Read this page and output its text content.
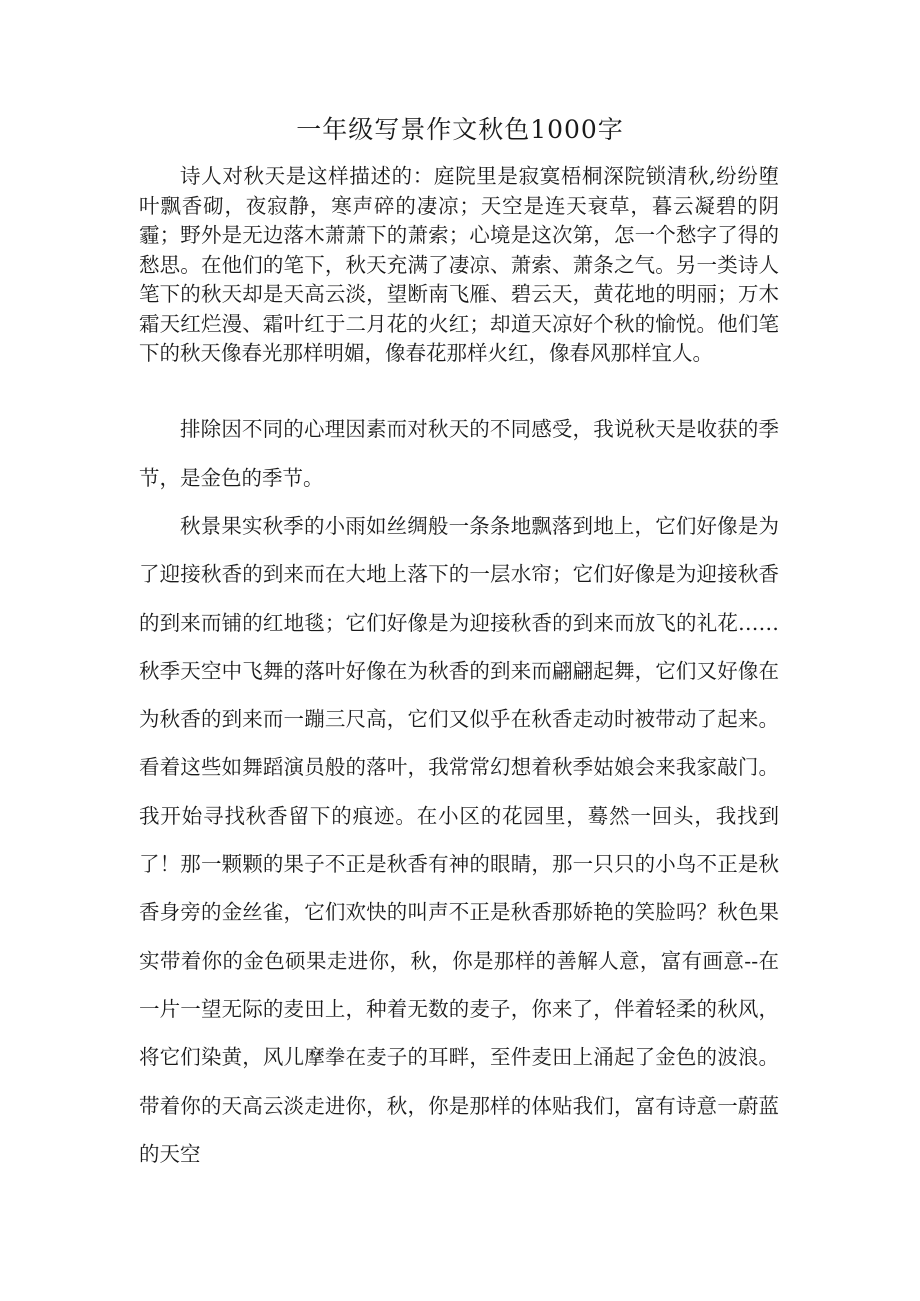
一年级写景作文秋色1000字

诗人对秋天是这样描述的：庭院里是寂寞梧桐深院锁清秋,纷纷堕叶飘香砌，夜寂静，寒声碎的凄凉；天空是连天衰草，暮云凝碧的阴霾；野外是无边落木萧萧下的萧索；心境是这次第，怎一个愁字了得的愁思。在他们的笔下，秋天充满了凄凉、萧索、萧条之气。另一类诗人笔下的秋天却是天高云淡，望断南飞雁、碧云天，黄花地的明丽；万木霜天红烂漫、霜叶红于二月花的火红；却道天凉好个秋的愉悦。他们笔下的秋天像春光那样明媚，像春花那样火红，像春风那样宜人。

排除因不同的心理因素而对秋天的不同感受，我说秋天是收获的季节，是金色的季节。

秋景果实秋季的小雨如丝绸般一条条地飘落到地上，它们好像是为了迎接秋香的到来而在大地上落下的一层水帘；它们好像是为迎接秋香的到来而铺的红地毯；它们好像是为迎接秋香的到来而放飞的礼花……秋季天空中飞舞的落叶好像在为秋香的到来而翩翩起舞，它们又好像在为秋香的到来而一蹦三尺高，它们又似乎在秋香走动时被带动了起来。看着这些如舞蹈演员般的落叶，我常常幻想着秋季姑娘会来我家敲门。我开始寻找秋香留下的痕迹。在小区的花园里，蓦然一回头，我找到了！那一颗颗的果子不正是秋香有神的眼睛，那一只只的小鸟不正是秋香身旁的金丝雀，它们欢快的叫声不正是秋香那娇艳的笑脸吗？秋色果实带着你的金色硕果走进你，秋，你是那样的善解人意，富有画意--在一片一望无际的麦田上，种着无数的麦子，你来了，伴着轻柔的秋风，将它们染黄，风儿摩拳在麦子的耳畔，至件麦田上涌起了金色的波浪。带着你的天高云淡走进你，秋，你是那样的体贴我们，富有诗意一蔚蓝的天空
